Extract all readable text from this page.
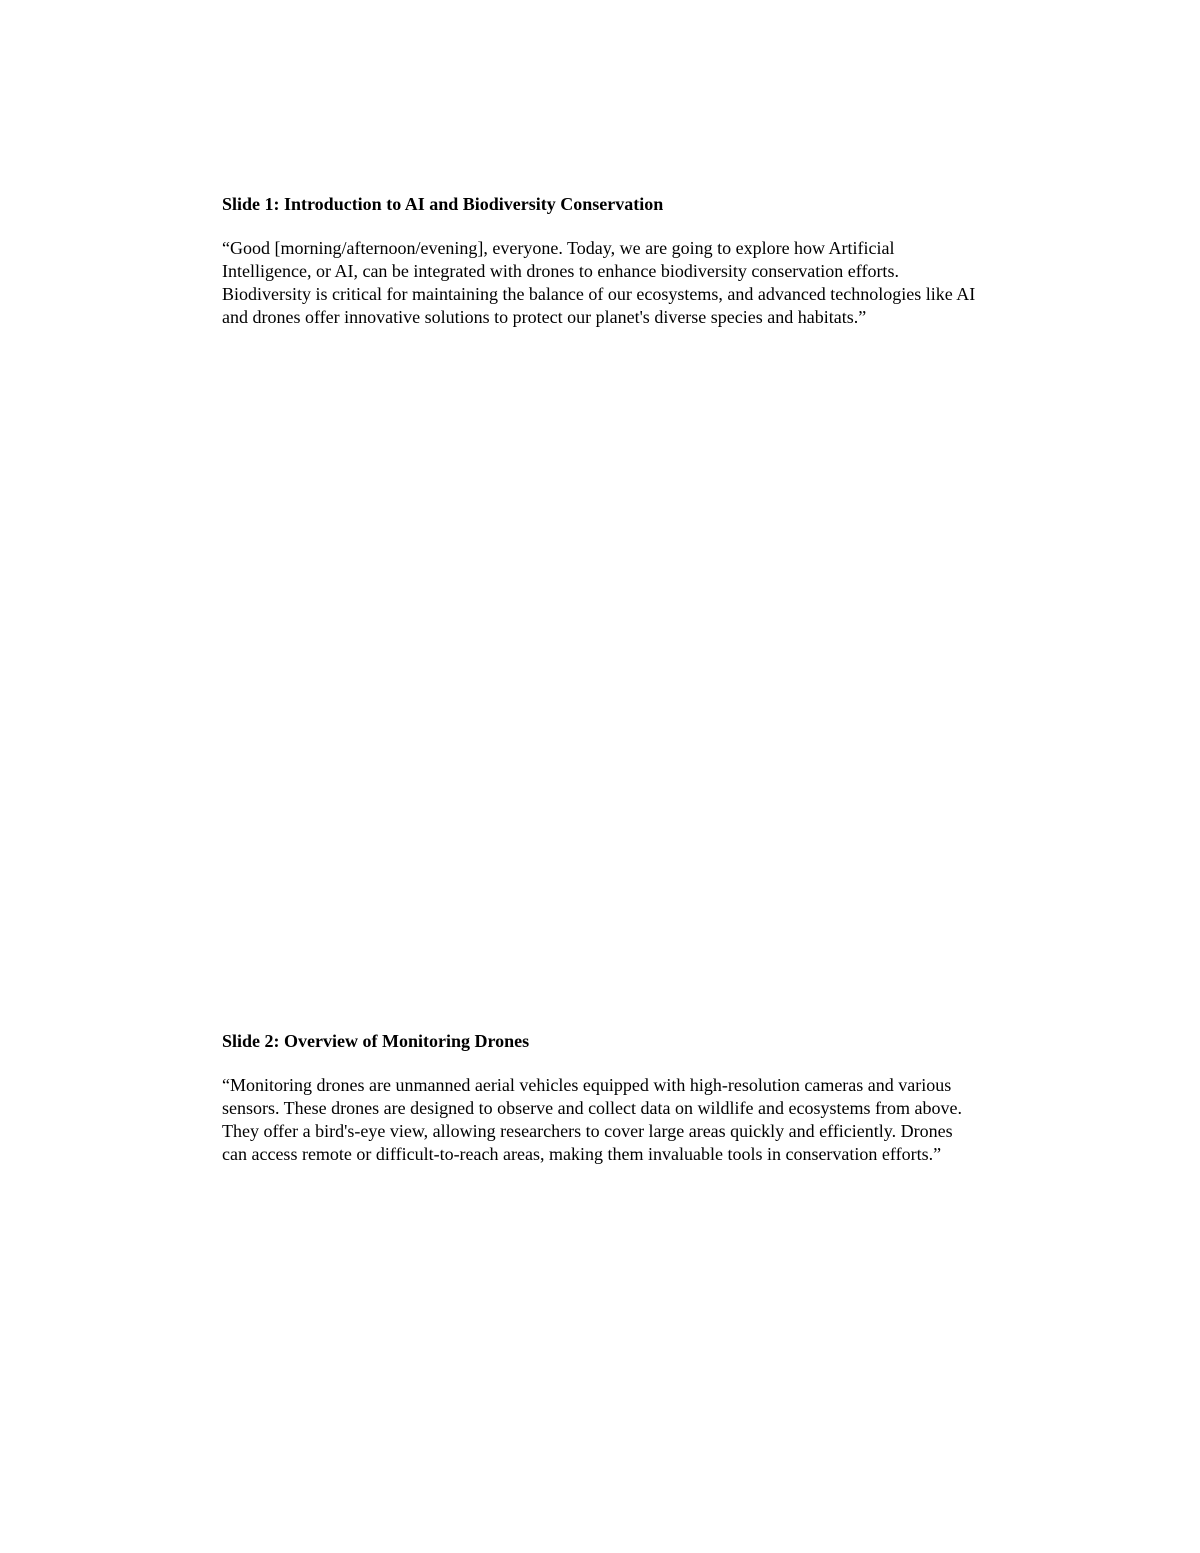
Slide 1: Introduction to AI and Biodiversity Conservation

“Good [morning/afternoon/evening], everyone. Today, we are going to explore how Artificial Intelligence, or AI, can be integrated with drones to enhance biodiversity conservation efforts. Biodiversity is critical for maintaining the balance of our ecosystems, and advanced technologies like AI and drones offer innovative solutions to protect our planet's diverse species and habitats.”

Slide 2: Overview of Monitoring Drones

“Monitoring drones are unmanned aerial vehicles equipped with high-resolution cameras and various sensors. These drones are designed to observe and collect data on wildlife and ecosystems from above. They offer a bird's-eye view, allowing researchers to cover large areas quickly and efficiently. Drones can access remote or difficult-to-reach areas, making them invaluable tools in conservation efforts.”
